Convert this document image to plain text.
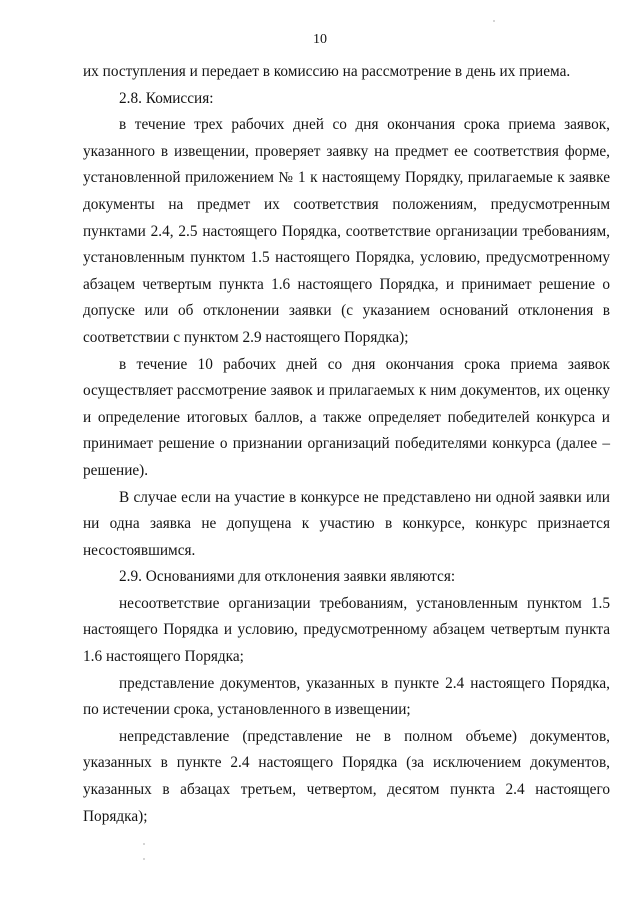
10

их поступления и передает в комиссию на рассмотрение в день их приема.

2.8. Комиссия:

в течение трех рабочих дней со дня окончания срока приема заявок, указанного в извещении, проверяет заявку на предмет ее соответствия форме, установленной приложением № 1 к настоящему Порядку, прилагаемые к заявке документы на предмет их соответствия положениям, предусмотренным пунктами 2.4, 2.5 настоящего Порядка, соответствие организации требованиям, установленным пунктом 1.5 настоящего Порядка, условию, предусмотренному абзацем четвертым пункта 1.6 настоящего Порядка, и принимает решение о допуске или об отклонении заявки (с указанием оснований отклонения в соответствии с пунктом 2.9 настоящего Порядка);

в течение 10 рабочих дней со дня окончания срока приема заявок осуществляет рассмотрение заявок и прилагаемых к ним документов, их оценку и определение итоговых баллов, а также определяет победителей конкурса и принимает решение о признании организаций победителями конкурса (далее – решение).

В случае если на участие в конкурсе не представлено ни одной заявки или ни одна заявка не допущена к участию в конкурсе, конкурс признается несостоявшимся.

2.9. Основаниями для отклонения заявки являются:

несоответствие организации требованиям, установленным пунктом 1.5 настоящего Порядка и условию, предусмотренному абзацем четвертым пункта 1.6 настоящего Порядка;

представление документов, указанных в пункте 2.4 настоящего Порядка, по истечении срока, установленного в извещении;

непредставление (представление не в полном объеме) документов, указанных в пункте 2.4 настоящего Порядка (за исключением документов, указанных в абзацах третьем, четвертом, десятом пункта 2.4 настоящего Порядка);
